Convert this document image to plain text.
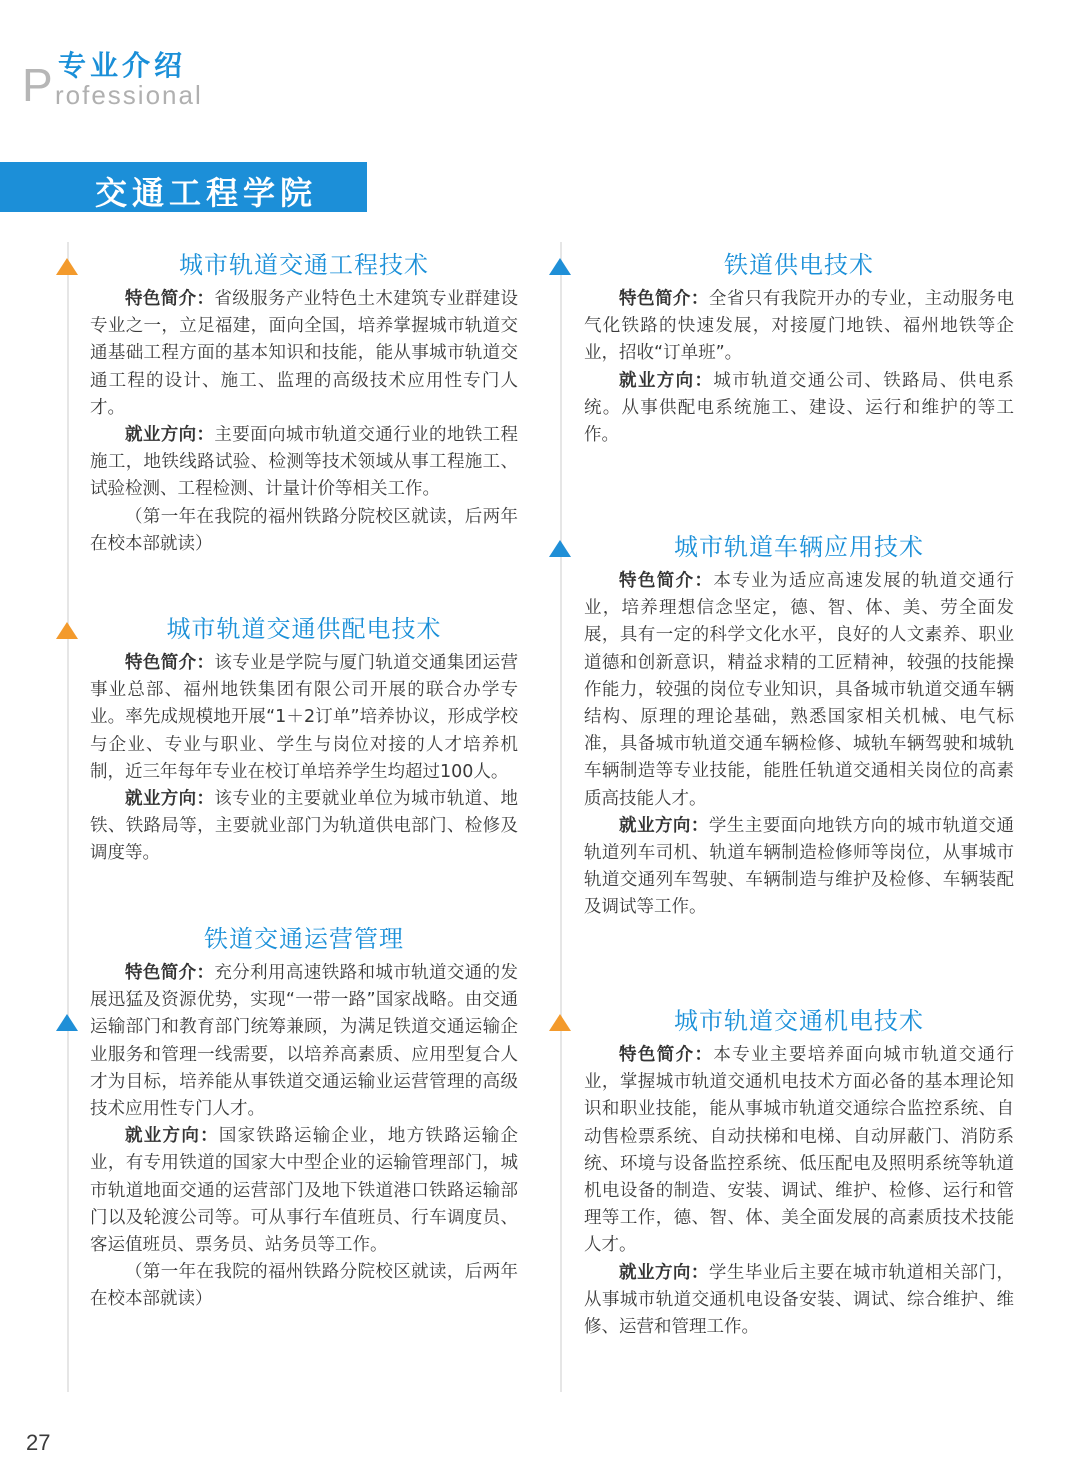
P 专业介绍
rofessional
交通工程学院
城市轨道交通工程技术

特色简介：省级服务产业特色土木建筑专业群建设专业之一，立足福建，面向全国，培养掌握城市轨道交通基础工程方面的基本知识和技能，能从事城市轨道交通工程的设计、施工、监理的高级技术应用性专门人才。

就业方向：主要面向城市轨道交通行业的地铁工程施工，地铁线路试验、检测等技术领域从事工程施工、试验检测、工程检测、计量计价等相关工作。

（第一年在我院的福州铁路分院校区就读，后两年在校本部就读）

城市轨道交通供配电技术

特色简介：该专业是学院与厦门轨道交通集团运营事业总部、福州地铁集团有限公司开展的联合办学专业。率先成规模地开展“1＋2订单”培养协议，形成学校与企业、专业与职业、学生与岗位对接的人才培养机制，近三年每年专业在校订单培养学生均超过100人。

就业方向：该专业的主要就业单位为城市轨道、地铁、铁路局等，主要就业部门为轨道供电部门、检修及调度等。

铁道交通运营管理

特色简介：充分利用高速铁路和城市轨道交通的发展迅猛及资源优势，实现“一带一路”国家战略。由交通运输部门和教育部门统筹兼顾，为满足铁道交通运输企业服务和管理一线需要，以培养高素质、应用型复合人才为目标，培养能从事铁道交通运输业运营管理的高级技术应用性专门人才。

就业方向：国家铁路运输企业，地方铁路运输企业，有专用铁道的国家大中型企业的运输管理部门，城市轨道地面交通的运营部门及地下铁道港口铁路运输部门以及轮渡公司等。可从事行车值班员、行车调度员、客运值班员、票务员、站务员等工作。

（第一年在我院的福州铁路分院校区就读，后两年在校本部就读）

铁道供电技术

特色简介：全省只有我院开办的专业，主动服务电气化铁路的快速发展，对接厦门地铁、福州地铁等企业，招收“订单班”。

就业方向：城市轨道交通公司、铁路局、供电系统。从事供配电系统施工、建设、运行和维护的等工作。

城市轨道车辆应用技术

特色简介：本专业为适应高速发展的轨道交通行业，培养理想信念坚定，德、智、体、美、劳全面发展，具有一定的科学文化水平，良好的人文素养、职业道德和创新意识，精益求精的工匠精神，较强的技能操作能力，较强的岗位专业知识，具备城市轨道交通车辆结构、原理的理论基础，熟悉国家相关机械、电气标准，具备城市轨道交通车辆检修、城轨车辆驾驶和城轨车辆制造等专业技能，能胜任轨道交通相关岗位的高素质高技能人才。

就业方向：学生主要面向地铁方向的城市轨道交通轨道列车司机、轨道车辆制造检修师等岗位，从事城市轨道交通列车驾驶、车辆制造与维护及检修、车辆装配及调试等工作。

城市轨道交通机电技术

特色简介：本专业主要培养面向城市轨道交通行业，掌握城市轨道交通机电技术方面必备的基本理论知识和职业技能，能从事城市轨道交通综合监控系统、自动售检票系统、自动扶梯和电梯、自动屏蔽门、消防系统、环境与设备监控系统、低压配电及照明系统等轨道机电设备的制造、安装、调试、维护、检修、运行和管理等工作，德、智、体、美全面发展的高素质技术技能人才。

就业方向：学生毕业后主要在城市轨道相关部门，从事城市轨道交通机电设备安装、调试、综合维护、维修、运营和管理工作。

27
